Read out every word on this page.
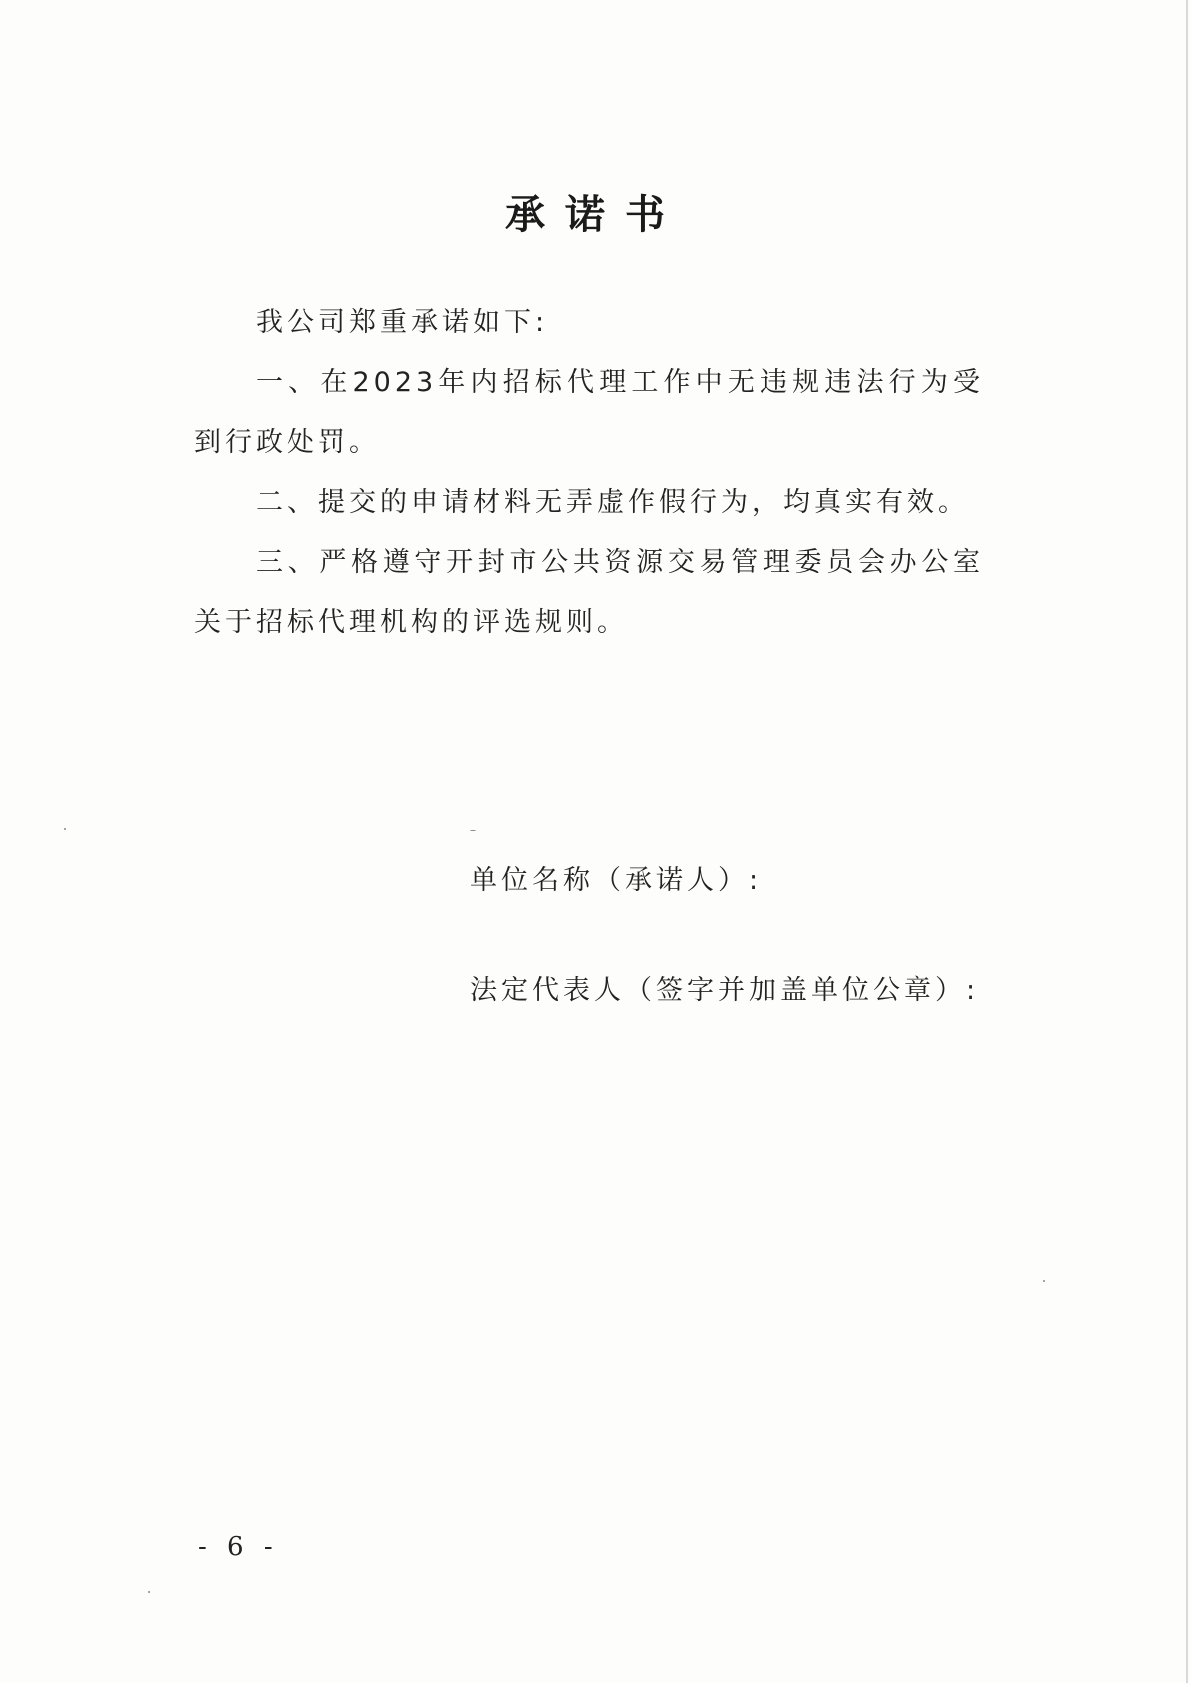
承诺书

我公司郑重承诺如下:

一、在2023年内招标代理工作中无违规违法行为受到行政处罚。

二、提交的申请材料无弄虚作假行为，均真实有效。

三、严格遵守开封市公共资源交易管理委员会办公室关于招标代理机构的评选规则。

单位名称（承诺人）:
法定代表人（签字并加盖单位公章）:
- 6 -
